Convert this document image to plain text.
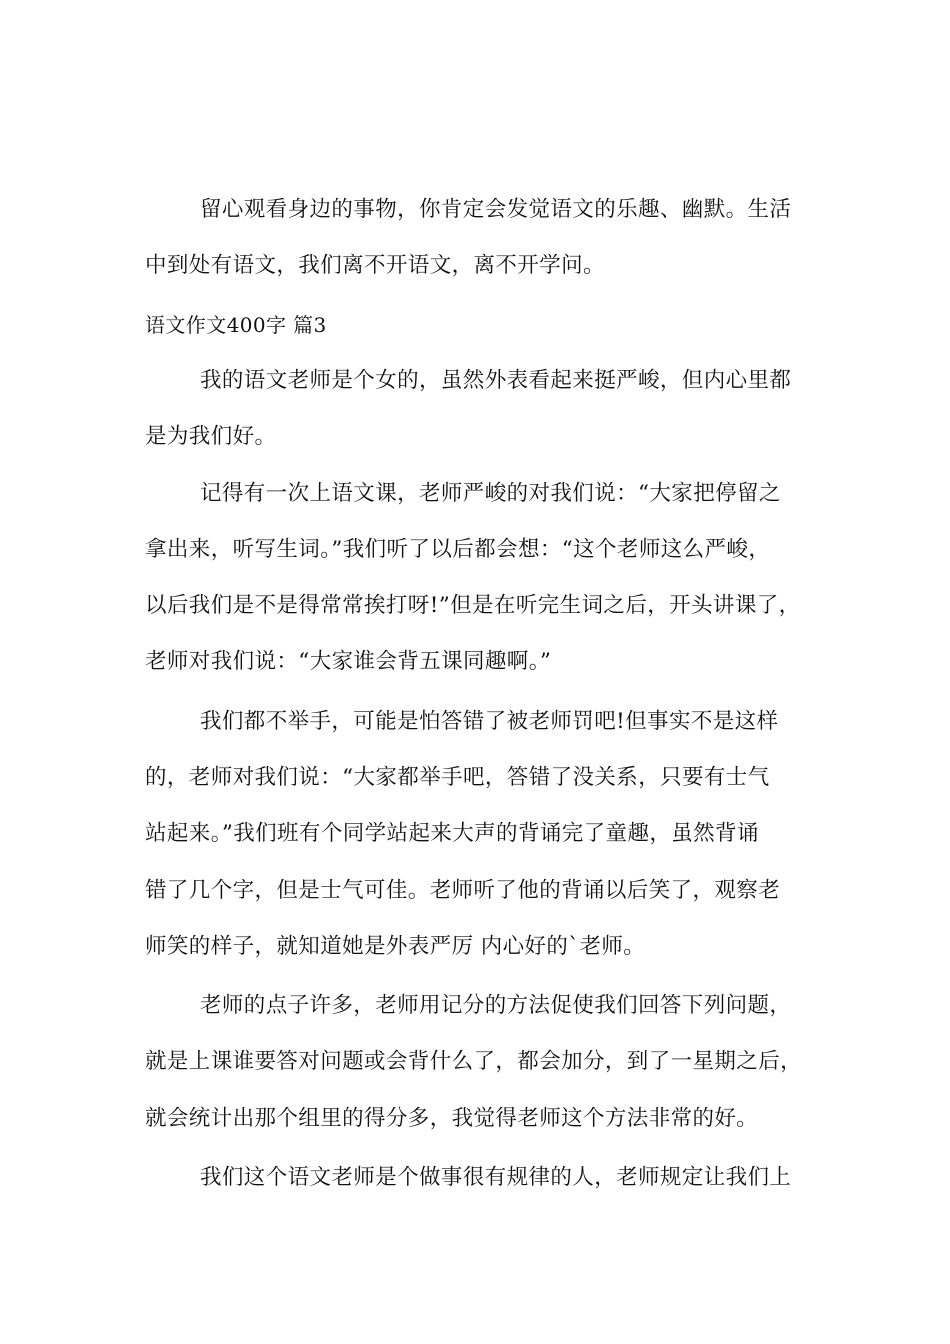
留心观看身边的事物，你肯定会发觉语文的乐趣、幽默。生活
中到处有语文，我们离不开语文，离不开学问。
语文作文400字 篇3
我的语文老师是个女的，虽然外表看起来挺严峻，但内心里都
是为我们好。
记得有一次上语文课，老师严峻的对我们说：“大家把停留之
拿出来，听写生词。”我们听了以后都会想：“这个老师这么严峻，
以后我们是不是得常常挨打呀!”但是在听完生词之后，开头讲课了，
老师对我们说：“大家谁会背五课同趣啊。”
我们都不举手，可能是怕答错了被老师罚吧!但事实不是这样
的，老师对我们说：“大家都举手吧，答错了没关系，只要有士气
站起来。”我们班有个同学站起来大声的背诵完了童趣，虽然背诵
错了几个字，但是士气可佳。老师听了他的背诵以后笑了，观察老
师笑的样子，就知道她是外表严厉 内心好的`老师。
老师的点子许多，老师用记分的方法促使我们回答下列问题，
就是上课谁要答对问题或会背什么了，都会加分，到了一星期之后，
就会统计出那个组里的得分多，我觉得老师这个方法非常的好。
我们这个语文老师是个做事很有规律的人，老师规定让我们上
